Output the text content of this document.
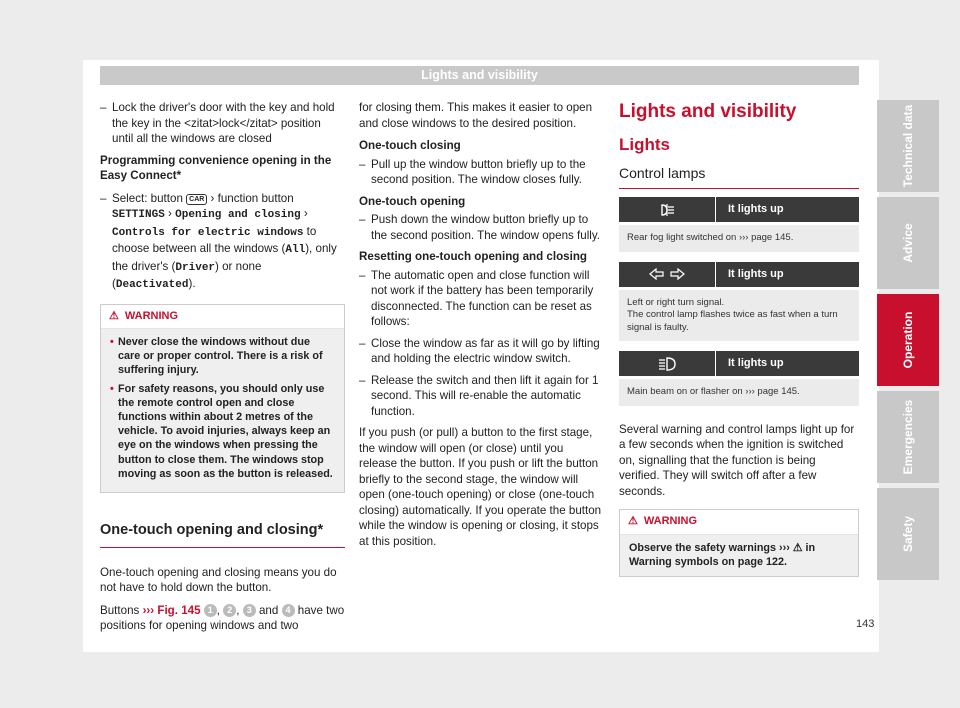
Lights and visibility
– Lock the driver's door with the key and hold the key in the <zitat>lock</zitat> position until all the windows are closed

Programming convenience opening in the Easy Connect*

– Select: button CAR › function button SETTINGS › Opening and closing › Controls for electric windows to choose between all the windows (All), only the driver's (Driver) or none (Deactivated).
⚠ WARNING
• Never close the windows without due care or proper control. There is a risk of suffering injury.
• For safety reasons, you should only use the remote control open and close functions within about 2 metres of the vehicle. To avoid injuries, always keep an eye on the windows when pressing the button to close them. The windows stop moving as soon as the button is released.
One-touch opening and closing*

One-touch opening and closing means you do not have to hold down the button.

Buttons ››› Fig. 145 1 , 2 , 3 and 4 have two positions for opening windows and two

for closing them. This makes it easier to open and close windows to the desired position.

One-touch closing

– Pull up the window button briefly up to the second position. The window closes fully.

One-touch opening

– Push down the window button briefly up to the second position. The window opens fully.

Resetting one-touch opening and closing

– The automatic open and close function will not work if the battery has been temporarily disconnected. The function can be reset as follows:
– Close the window as far as it will go by lifting and holding the electric window switch.
– Release the switch and then lift it again for 1 second. This will re-enable the automatic function.

If you push (or pull) a button to the first stage, the window will open (or close) until you release the button. If you push or lift the button briefly to the second stage, the window will open (one-touch opening) or close (one-touch closing) automatically. If you operate the button while the window is opening or closing, it stops at this position.

Lights and visibility
Lights
Control lamps
It lights up
Rear fog light switched on ››› page 145.
It lights up
Left or right turn signal.
The control lamp flashes twice as fast when a turn signal is faulty.
It lights up
Main beam on or flasher on ››› page 145.

Several warning and control lamps light up for a few seconds when the ignition is switched on, signalling that the function is being verified. They will switch off after a few seconds.

⚠ WARNING
Observe the safety warnings ››› ⚠ in Warning symbols on page 122.
Technical data
Advice
Operation
Emergencies
Safety
143
